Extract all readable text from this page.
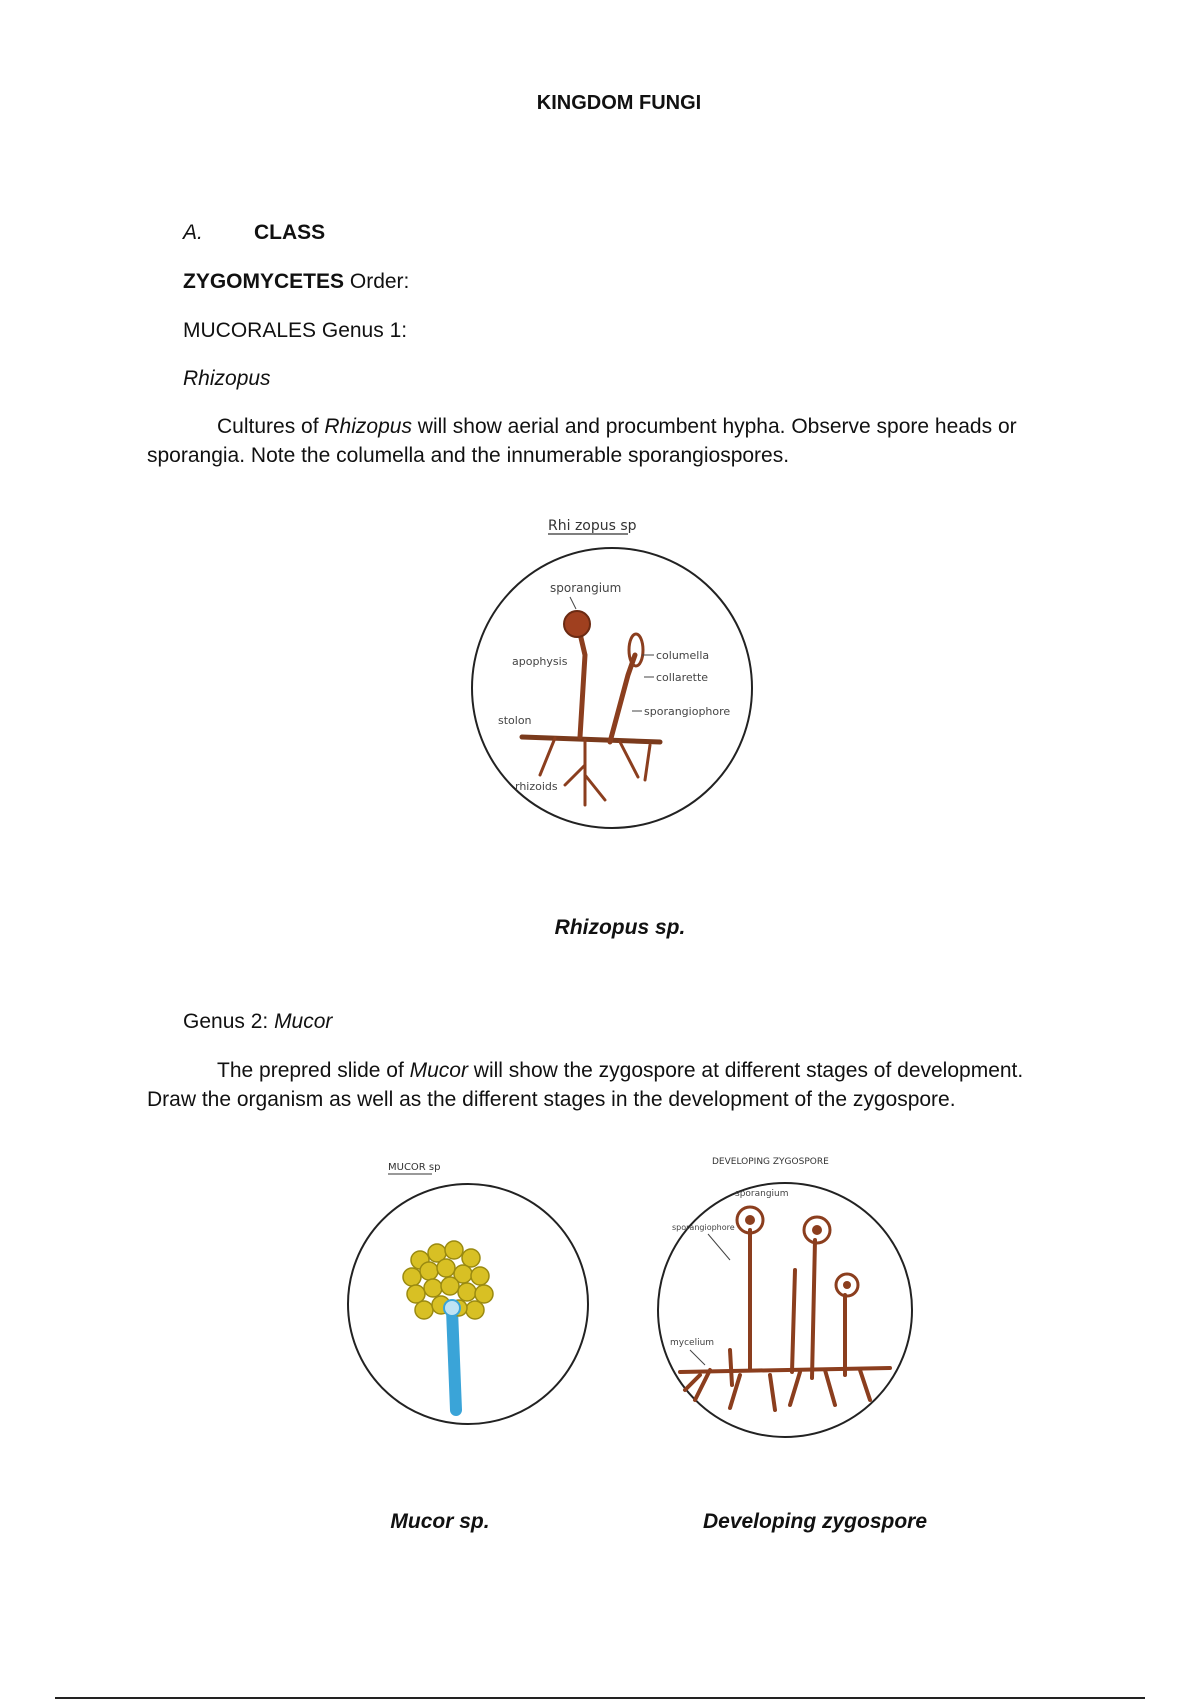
KINGDOM FUNGI
A. CLASS
ZYGOMYCETES Order:
MUCORALES Genus 1:
Rhizopus
Cultures of Rhizopus will show aerial and procumbent hypha. Observe spore heads or sporangia. Note the columella and the innumerable sporangiospores.
Rhi zopus sp
sporangium
apophysis	columella
collarette
stolon
sporangiophore
rhizoids
Rhizopus sp.
Genus 2: Mucor
The prepred slide of Mucor will show the zygospore at different stages of development. Draw the organism as well as the different stages in the development of the zygospore.
MUCOR sp	DEVELOPING ZYGOSPORE
sporangium
sporangiophore
mycelium
Mucor sp.	Developing zygospore
